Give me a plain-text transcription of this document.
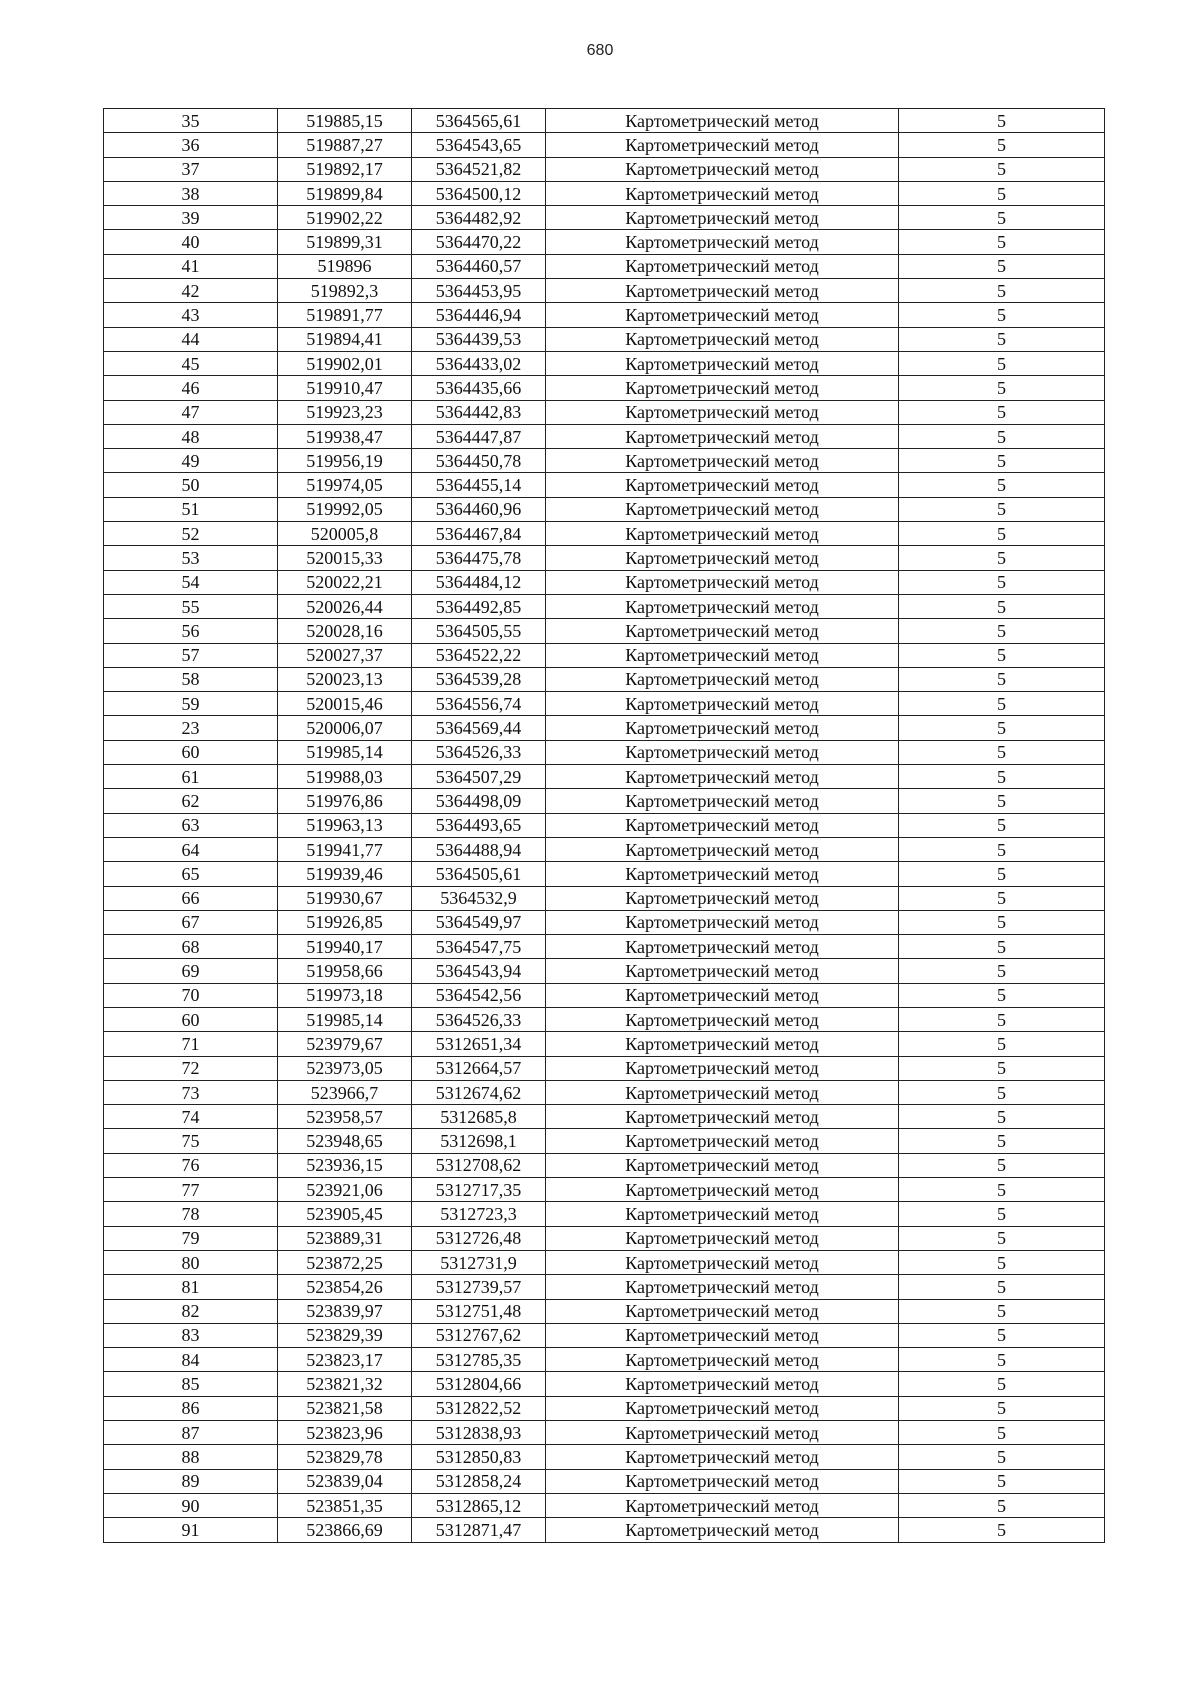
680
35	519885,15	5364565,61	Картометрический метод	5
36	519887,27	5364543,65	Картометрический метод	5
37	519892,17	5364521,82	Картометрический метод	5
38	519899,84	5364500,12	Картометрический метод	5
39	519902,22	5364482,92	Картометрический метод	5
40	519899,31	5364470,22	Картометрический метод	5
41	519896	5364460,57	Картометрический метод	5
42	519892,3	5364453,95	Картометрический метод	5
43	519891,77	5364446,94	Картометрический метод	5
44	519894,41	5364439,53	Картометрический метод	5
45	519902,01	5364433,02	Картометрический метод	5
46	519910,47	5364435,66	Картометрический метод	5
47	519923,23	5364442,83	Картометрический метод	5
48	519938,47	5364447,87	Картометрический метод	5
49	519956,19	5364450,78	Картометрический метод	5
50	519974,05	5364455,14	Картометрический метод	5
51	519992,05	5364460,96	Картометрический метод	5
52	520005,8	5364467,84	Картометрический метод	5
53	520015,33	5364475,78	Картометрический метод	5
54	520022,21	5364484,12	Картометрический метод	5
55	520026,44	5364492,85	Картометрический метод	5
56	520028,16	5364505,55	Картометрический метод	5
57	520027,37	5364522,22	Картометрический метод	5
58	520023,13	5364539,28	Картометрический метод	5
59	520015,46	5364556,74	Картометрический метод	5
23	520006,07	5364569,44	Картометрический метод	5
60	519985,14	5364526,33	Картометрический метод	5
61	519988,03	5364507,29	Картометрический метод	5
62	519976,86	5364498,09	Картометрический метод	5
63	519963,13	5364493,65	Картометрический метод	5
64	519941,77	5364488,94	Картометрический метод	5
65	519939,46	5364505,61	Картометрический метод	5
66	519930,67	5364532,9	Картометрический метод	5
67	519926,85	5364549,97	Картометрический метод	5
68	519940,17	5364547,75	Картометрический метод	5
69	519958,66	5364543,94	Картометрический метод	5
70	519973,18	5364542,56	Картометрический метод	5
60	519985,14	5364526,33	Картометрический метод	5
71	523979,67	5312651,34	Картометрический метод	5
72	523973,05	5312664,57	Картометрический метод	5
73	523966,7	5312674,62	Картометрический метод	5
74	523958,57	5312685,8	Картометрический метод	5
75	523948,65	5312698,1	Картометрический метод	5
76	523936,15	5312708,62	Картометрический метод	5
77	523921,06	5312717,35	Картометрический метод	5
78	523905,45	5312723,3	Картометрический метод	5
79	523889,31	5312726,48	Картометрический метод	5
80	523872,25	5312731,9	Картометрический метод	5
81	523854,26	5312739,57	Картометрический метод	5
82	523839,97	5312751,48	Картометрический метод	5
83	523829,39	5312767,62	Картометрический метод	5
84	523823,17	5312785,35	Картометрический метод	5
85	523821,32	5312804,66	Картометрический метод	5
86	523821,58	5312822,52	Картометрический метод	5
87	523823,96	5312838,93	Картометрический метод	5
88	523829,78	5312850,83	Картометрический метод	5
89	523839,04	5312858,24	Картометрический метод	5
90	523851,35	5312865,12	Картометрический метод	5
91	523866,69	5312871,47	Картометрический метод	5
